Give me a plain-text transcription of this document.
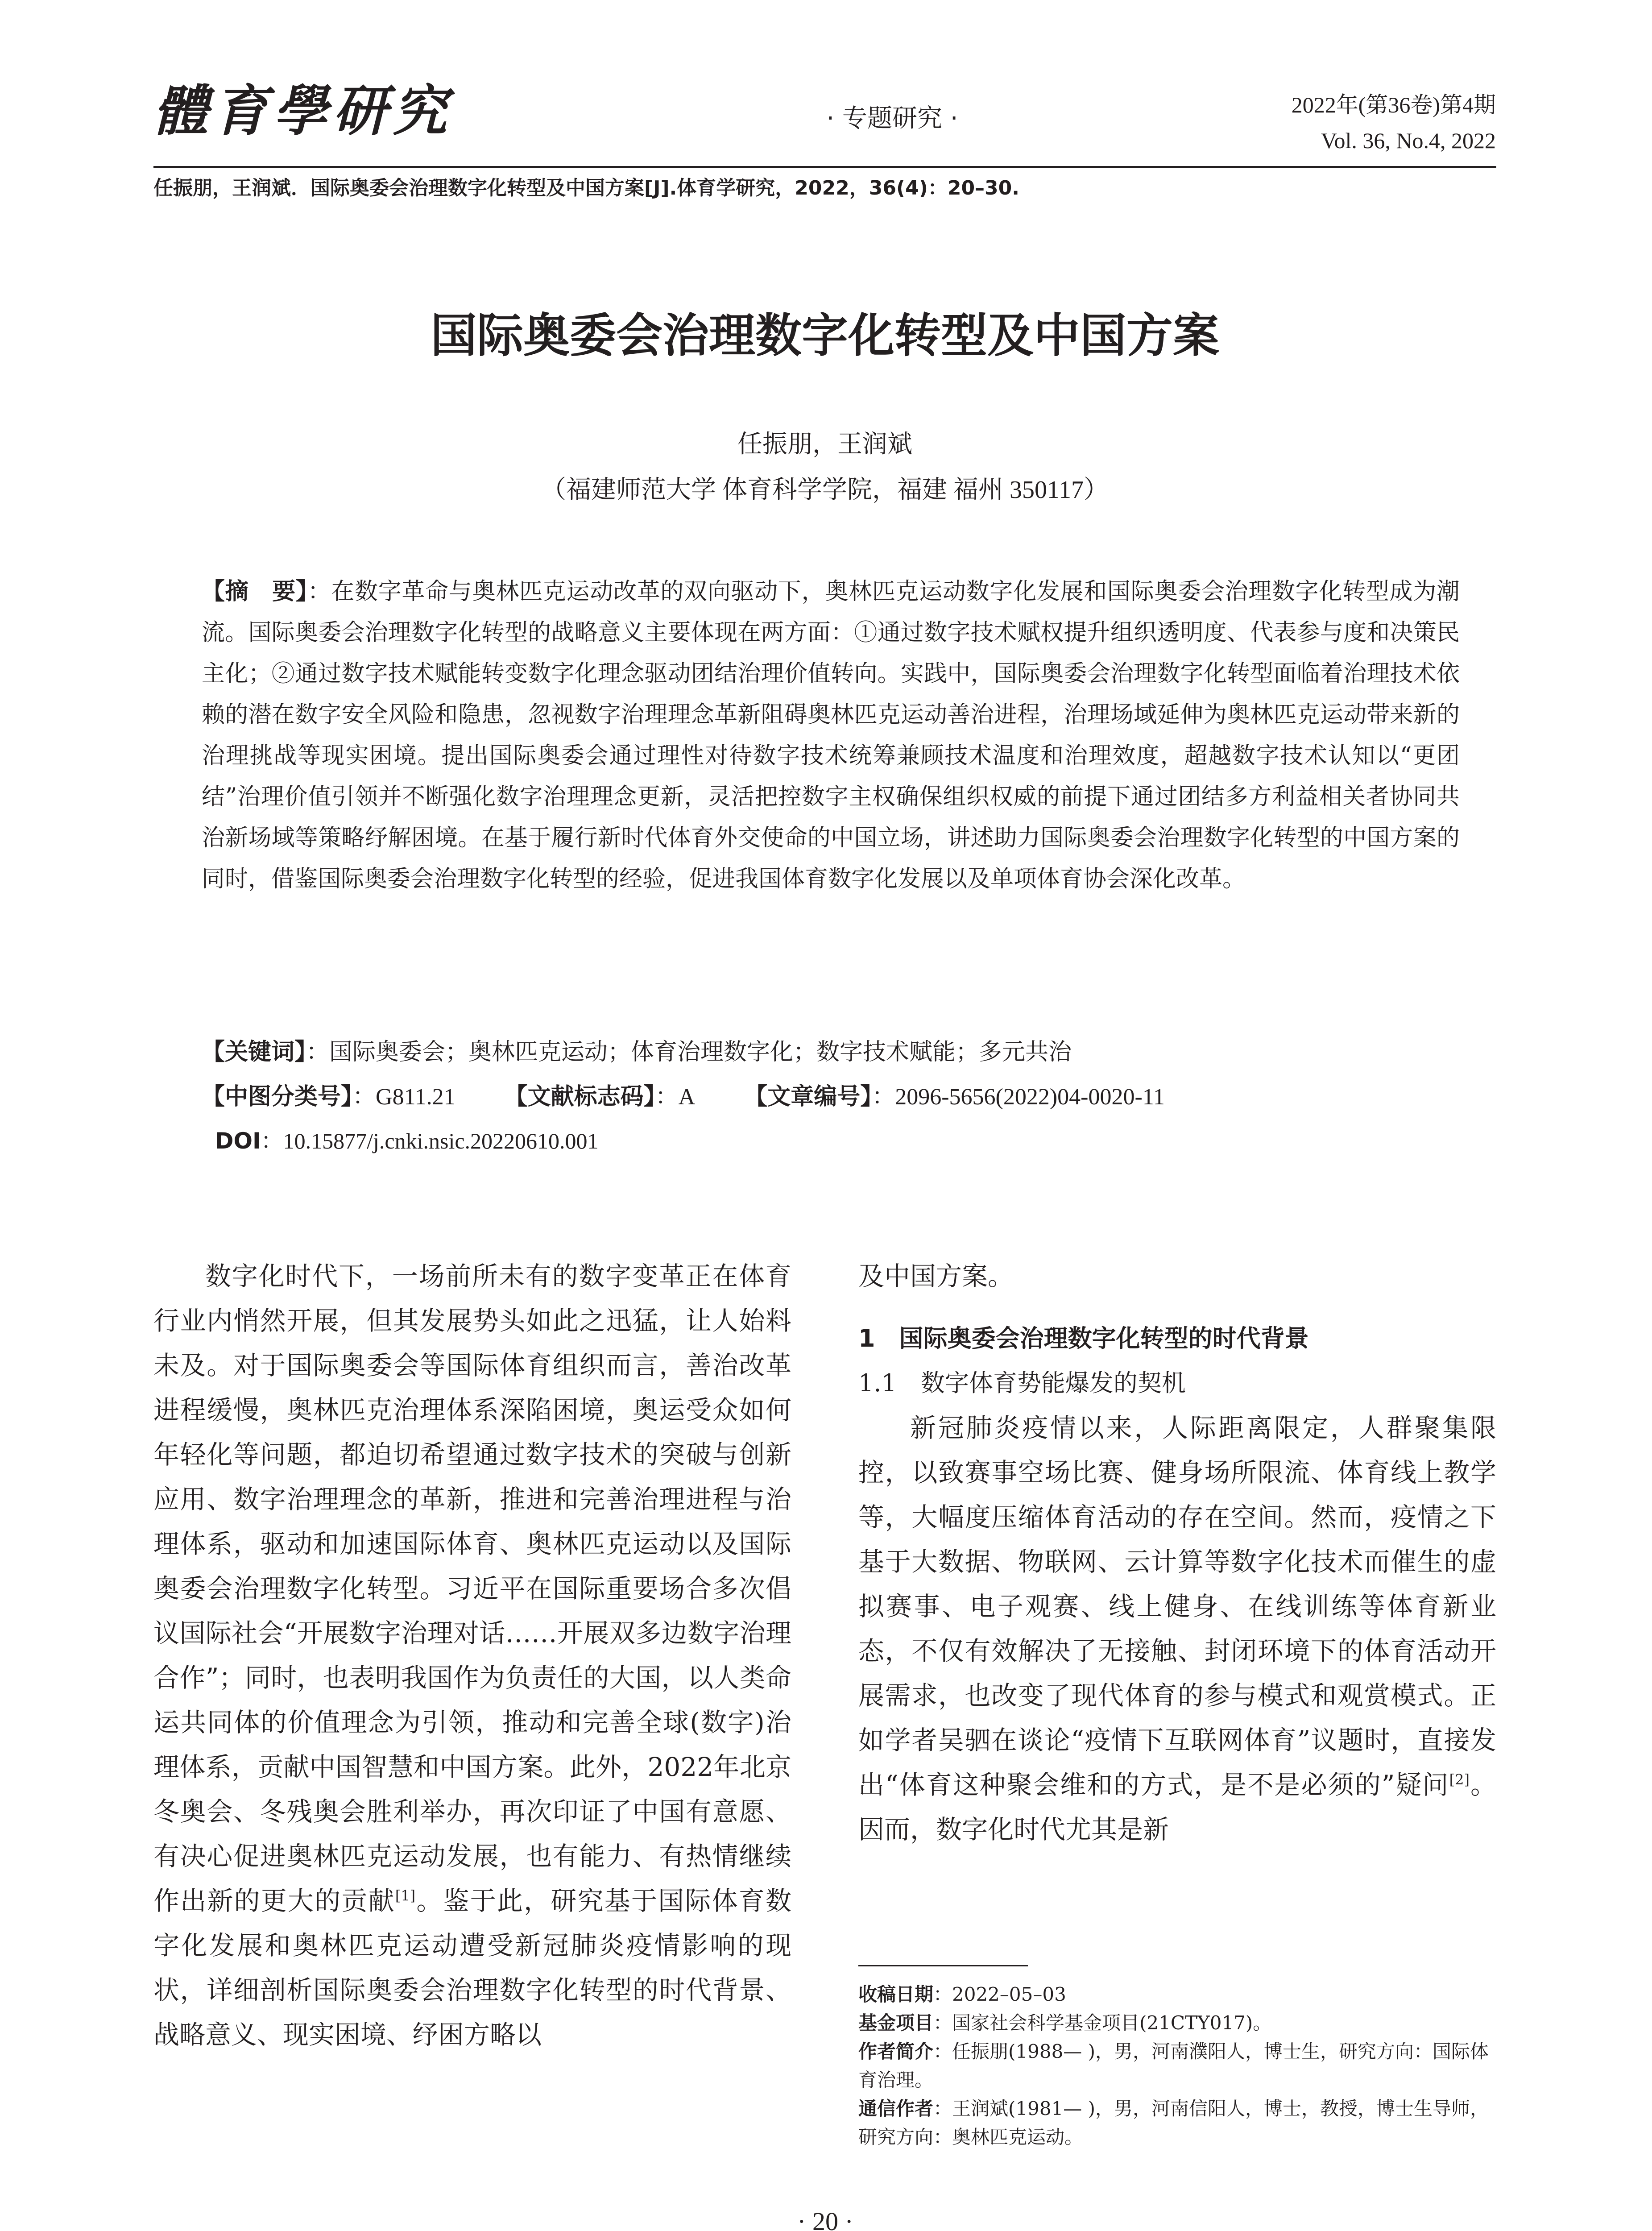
體育學研究	· 专题研究 ·	2022年(第36卷)第4期
Vol. 36, No.4, 2022
任振朋，王润斌．国际奥委会治理数字化转型及中国方案[J].体育学研究，2022，36(4)：20–30.
国际奥委会治理数字化转型及中国方案
任振朋，王润斌
（福建师范大学 体育科学学院，福建 福州 350117）
【摘　要】：在数字革命与奥林匹克运动改革的双向驱动下，奥林匹克运动数字化发展和国际奥委会治理数字化转型成为潮流。国际奥委会治理数字化转型的战略意义主要体现在两方面：①通过数字技术赋权提升组织透明度、代表参与度和决策民主化；②通过数字技术赋能转变数字化理念驱动团结治理价值转向。实践中，国际奥委会治理数字化转型面临着治理技术依赖的潜在数字安全风险和隐患，忽视数字治理理念革新阻碍奥林匹克运动善治进程，治理场域延伸为奥林匹克运动带来新的治理挑战等现实困境。提出国际奥委会通过理性对待数字技术统筹兼顾技术温度和治理效度，超越数字技术认知以“更团结”治理价值引领并不断强化数字治理理念更新，灵活把控数字主权确保组织权威的前提下通过团结多方利益相关者协同共治新场域等策略纾解困境。在基于履行新时代体育外交使命的中国立场，讲述助力国际奥委会治理数字化转型的中国方案的同时，借鉴国际奥委会治理数字化转型的经验，促进我国体育数字化发展以及单项体育协会深化改革。
【关键词】：国际奥委会；奥林匹克运动；体育治理数字化；数字技术赋能；多元共治
【中图分类号】：G811.21 【文献标志码】：A 【文章编号】：2096-5656(2022)04-0020-11
DOI：10.15877/j.cnki.nsic.20220610.001

数字化时代下，一场前所未有的数字变革正在体育行业内悄然开展，但其发展势头如此之迅猛，让人始料未及。对于国际奥委会等国际体育组织而言，善治改革进程缓慢，奥林匹克治理体系深陷困境，奥运受众如何年轻化等问题，都迫切希望通过数字技术的突破与创新应用、数字治理理念的革新，推进和完善治理进程与治理体系，驱动和加速国际体育、奥林匹克运动以及国际奥委会治理数字化转型。习近平在国际重要场合多次倡议国际社会“开展数字治理对话……开展双多边数字治理合作”；同时，也表明我国作为负责任的大国，以人类命运共同体的价值理念为引领，推动和完善全球(数字)治理体系，贡献中国智慧和中国方案。此外，2022年北京冬奥会、冬残奥会胜利举办，再次印证了中国有意愿、有决心促进奥林匹克运动发展，也有能力、有热情继续作出新的更大的贡献[1]。鉴于此，研究基于国际体育数字化发展和奥林匹克运动遭受新冠肺炎疫情影响的现状，详细剖析国际奥委会治理数字化转型的时代背景、战略意义、现实困境、纾困方略以

及中国方案。

1　国际奥委会治理数字化转型的时代背景

1.1　数字体育势能爆发的契机

新冠肺炎疫情以来，人际距离限定，人群聚集限控，以致赛事空场比赛、健身场所限流、体育线上教学等，大幅度压缩体育活动的存在空间。然而，疫情之下基于大数据、物联网、云计算等数字化技术而催生的虚拟赛事、电子观赛、线上健身、在线训练等体育新业态，不仅有效解决了无接触、封闭环境下的体育活动开展需求，也改变了现代体育的参与模式和观赏模式。正如学者吴驷在谈论“疫情下互联网体育”议题时，直接发出“体育这种聚会维和的方式，是不是必须的”疑问[2]。因而，数字化时代尤其是新

收稿日期：2022–05–03

基金项目：国家社会科学基金项目(21CTY017)。

作者简介：任振朋(1988— )，男，河南濮阳人，博士生，研究方向：国际体育治理。

通信作者：王润斌(1981— )，男，河南信阳人，博士，教授，博士生导师，研究方向：奥林匹克运动。

· 20 ·
